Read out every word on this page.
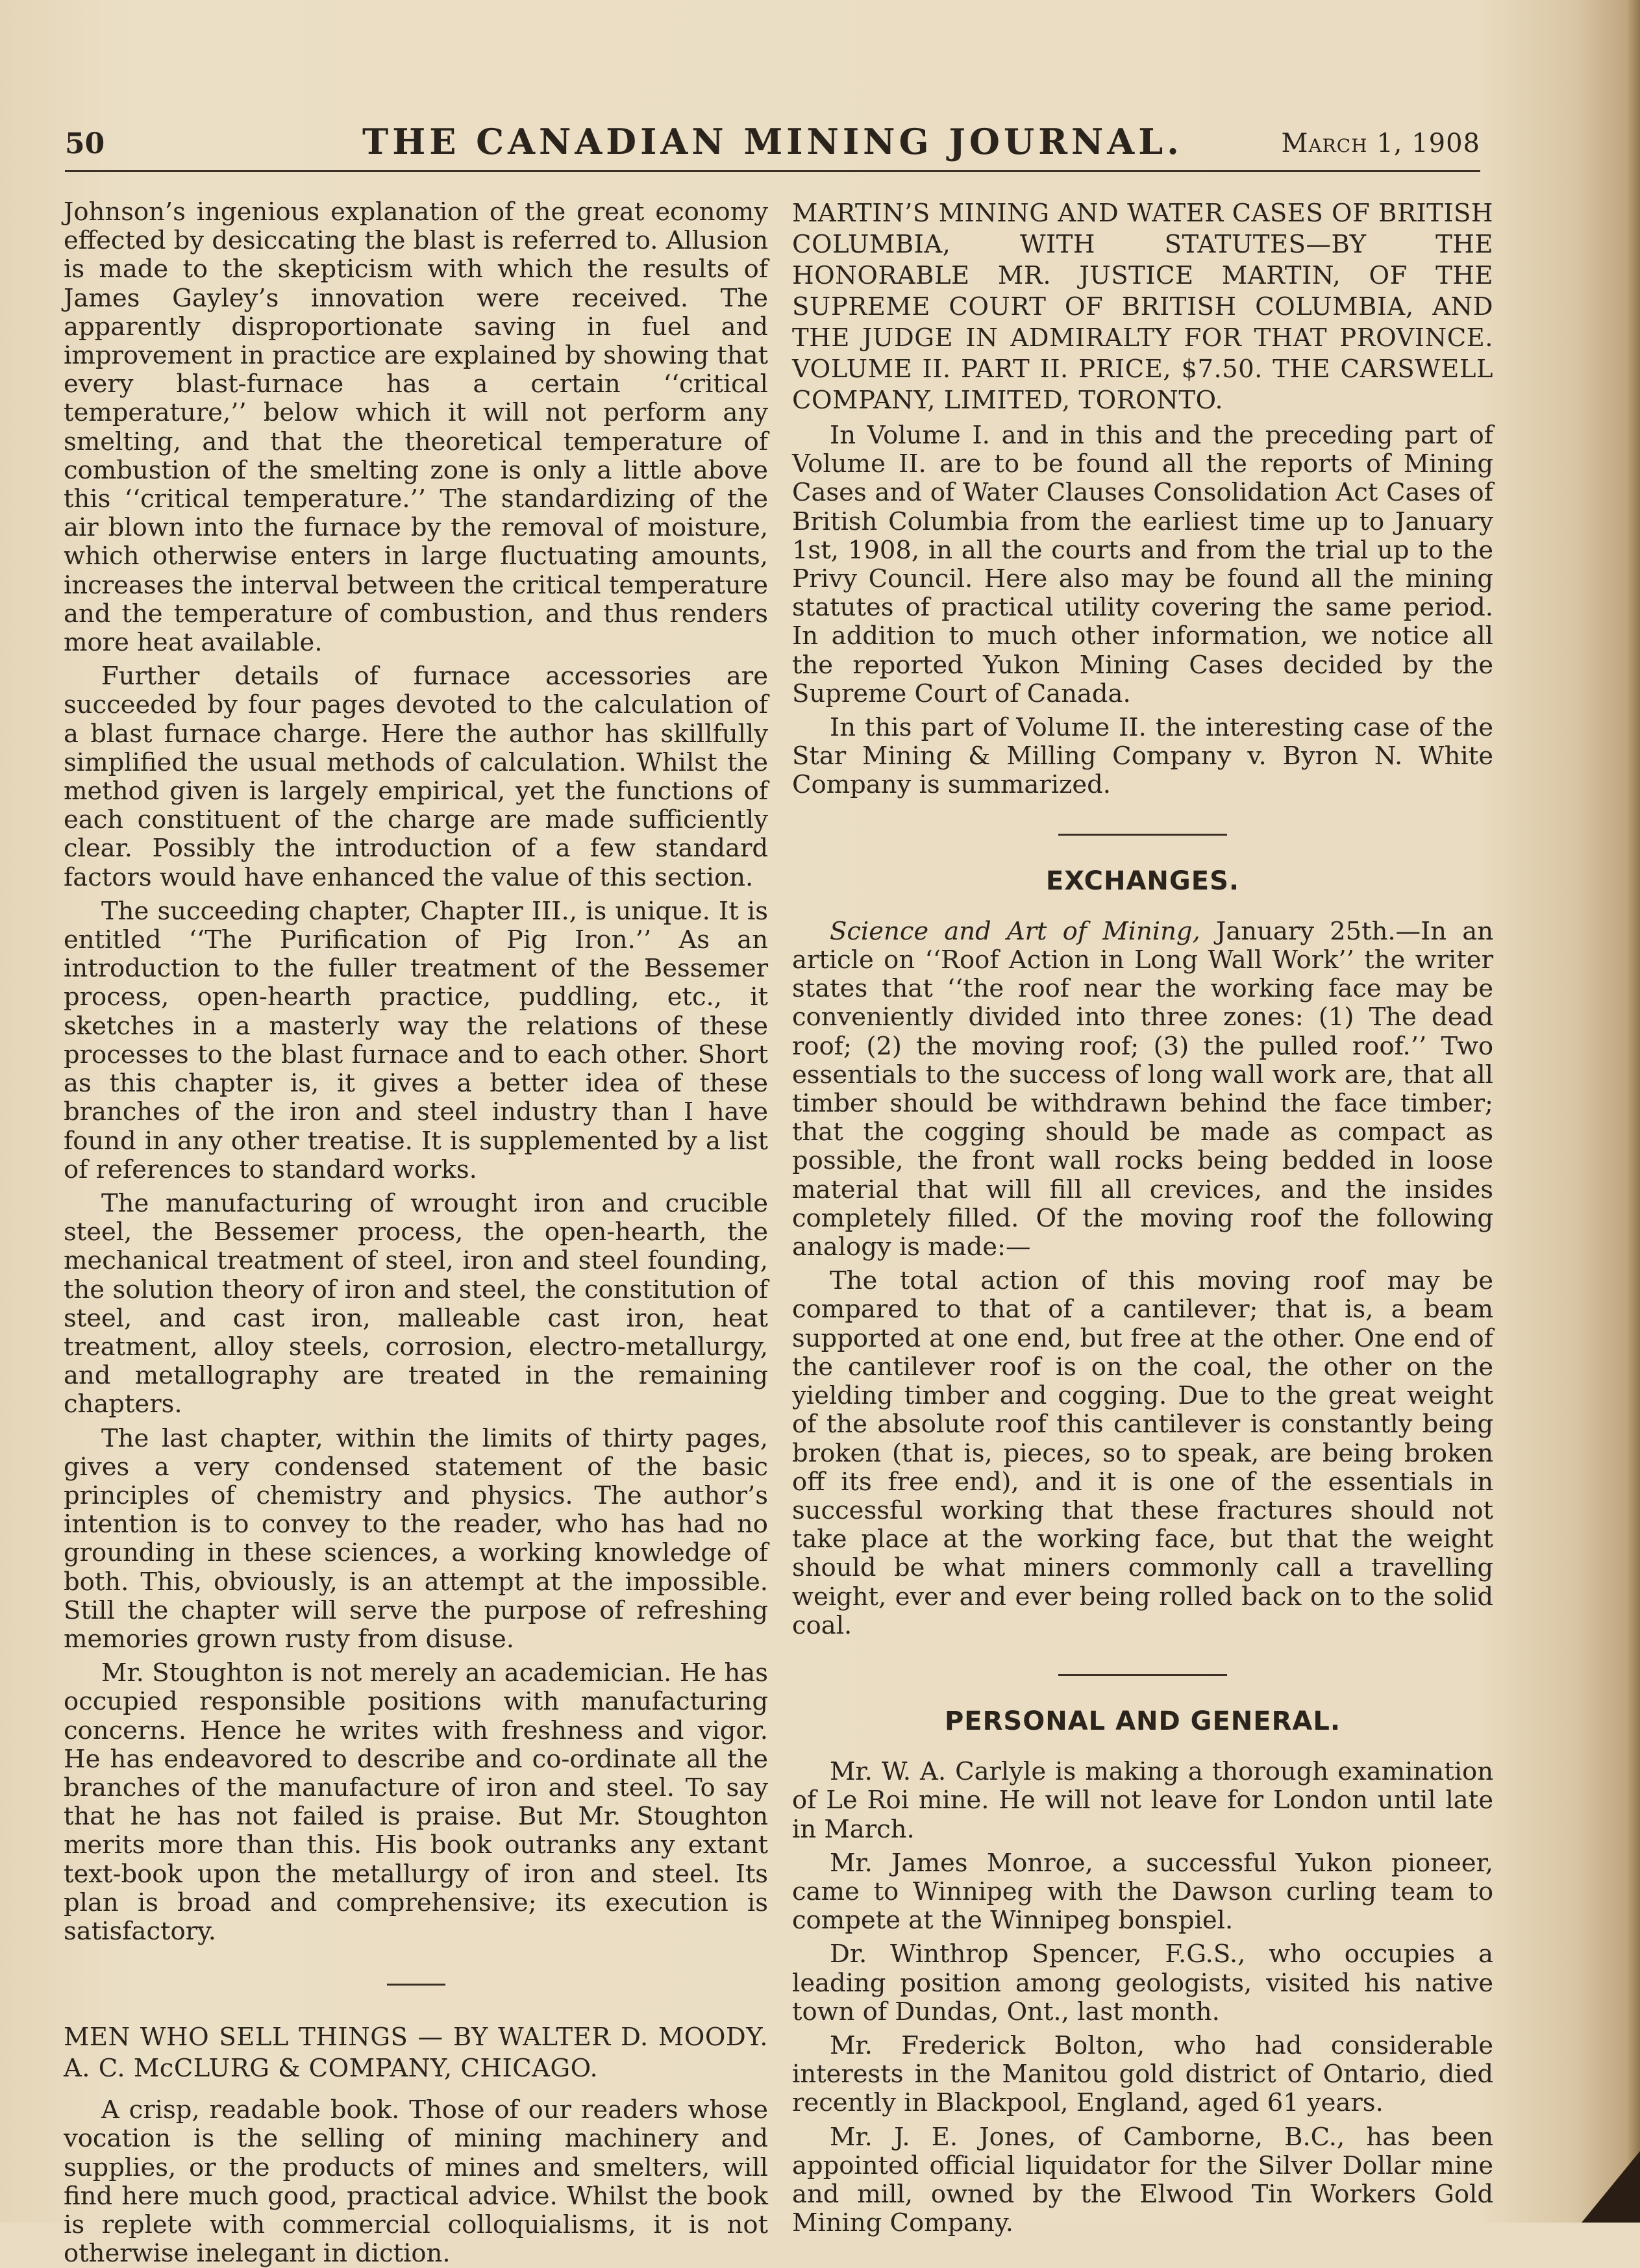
50	THE CANADIAN MINING JOURNAL.	March 1, 1908

Johnson’s ingenious explanation of the great economy effected by desiccating the blast is referred to. Allusion is made to the skepticism with which the results of James Gayley’s innovation were received. The apparently disproportionate saving in fuel and improvement in practice are explained by showing that every blast-furnace has a certain ‘‘critical temperature,’’ below which it will not perform any smelting, and that the theoretical temperature of combustion of the smelting zone is only a little above this ‘‘critical temperature.’’ The standardizing of the air blown into the furnace by the removal of moisture, which otherwise enters in large fluctuating amounts, increases the interval between the critical temperature and the temperature of combustion, and thus renders more heat available.

Further details of furnace accessories are succeeded by four pages devoted to the calculation of a blast furnace charge. Here the author has skillfully simplified the usual methods of calculation. Whilst the method given is largely empirical, yet the functions of each constituent of the charge are made sufficiently clear. Possibly the introduction of a few standard factors would have enhanced the value of this section.

The succeeding chapter, Chapter III., is unique. It is entitled ‘‘The Purification of Pig Iron.’’ As an introduction to the fuller treatment of the Bessemer process, open-hearth practice, puddling, etc., it sketches in a masterly way the relations of these processes to the blast furnace and to each other. Short as this chapter is, it gives a better idea of these branches of the iron and steel industry than I have found in any other treatise. It is supplemented by a list of references to standard works.

The manufacturing of wrought iron and crucible steel, the Bessemer process, the open-hearth, the mechanical treatment of steel, iron and steel founding, the solution theory of iron and steel, the constitution of steel, and cast iron, malleable cast iron, heat treatment, alloy steels, corrosion, electro-metallurgy, and metallography are treated in the remaining chapters.

The last chapter, within the limits of thirty pages, gives a very condensed statement of the basic principles of chemistry and physics. The author’s intention is to convey to the reader, who has had no grounding in these sciences, a working knowledge of both. This, obviously, is an attempt at the impossible. Still the chapter will serve the purpose of refreshing memories grown rusty from disuse.

Mr. Stoughton is not merely an academician. He has occupied responsible positions with manufacturing concerns. Hence he writes with freshness and vigor. He has endeavored to describe and co-ordinate all the branches of the manufacture of iron and steel. To say that he has not failed is praise. But Mr. Stoughton merits more than this. His book outranks any extant text-book upon the metallurgy of iron and steel. Its plan is broad and comprehensive; its execution is satisfactory.

MEN WHO SELL THINGS — BY WALTER D. MOODY. A. C. McCLURG & COMPANY, CHICAGO.

A crisp, readable book. Those of our readers whose vocation is the selling of mining machinery and supplies, or the products of mines and smelters, will find here much good, practical advice. Whilst the book is replete with commercial colloquialisms, it is not otherwise inelegant in diction.

MARTIN’S MINING AND WATER CASES OF BRITISH COLUMBIA, WITH STATUTES—BY THE HONORABLE MR. JUSTICE MARTIN, OF THE SUPREME COURT OF BRITISH COLUMBIA, AND THE JUDGE IN ADMIRALTY FOR THAT PROVINCE. VOLUME II. PART II. PRICE, $7.50. THE CARSWELL COMPANY, LIMITED, TORONTO.

In Volume I. and in this and the preceding part of Volume II. are to be found all the reports of Mining Cases and of Water Clauses Consolidation Act Cases of British Columbia from the earliest time up to January 1st, 1908, in all the courts and from the trial up to the Privy Council. Here also may be found all the mining statutes of practical utility covering the same period. In addition to much other information, we notice all the reported Yukon Mining Cases decided by the Supreme Court of Canada.

In this part of Volume II. the interesting case of the Star Mining & Milling Company v. Byron N. White Company is summarized.

EXCHANGES.

Science and Art of Mining, January 25th.—In an article on ‘‘Roof Action in Long Wall Work’’ the writer states that ‘‘the roof near the working face may be conveniently divided into three zones: (1) The dead roof; (2) the moving roof; (3) the pulled roof.’’ Two essentials to the success of long wall work are, that all timber should be withdrawn behind the face timber; that the cogging should be made as compact as possible, the front wall rocks being bedded in loose material that will fill all crevices, and the insides completely filled. Of the moving roof the following analogy is made:—

The total action of this moving roof may be compared to that of a cantilever; that is, a beam supported at one end, but free at the other. One end of the cantilever roof is on the coal, the other on the yielding timber and cogging. Due to the great weight of the absolute roof this cantilever is constantly being broken (that is, pieces, so to speak, are being broken off its free end), and it is one of the essentials in successful working that these fractures should not take place at the working face, but that the weight should be what miners commonly call a travelling weight, ever and ever being rolled back on to the solid coal.

PERSONAL AND GENERAL.

Mr. W. A. Carlyle is making a thorough examination of Le Roi mine. He will not leave for London until late in March.

Mr. James Monroe, a successful Yukon pioneer, came to Winnipeg with the Dawson curling team to compete at the Winnipeg bonspiel.

Dr. Winthrop Spencer, F.G.S., who occupies a leading position among geologists, visited his native town of Dundas, Ont., last month.

Mr. Frederick Bolton, who had considerable interests in the Manitou gold district of Ontario, died recently in Blackpool, England, aged 61 years.

Mr. J. E. Jones, of Camborne, B.C., has been appointed official liquidator for the Silver Dollar mine and mill, owned by the Elwood Tin Workers Gold Mining Company.
